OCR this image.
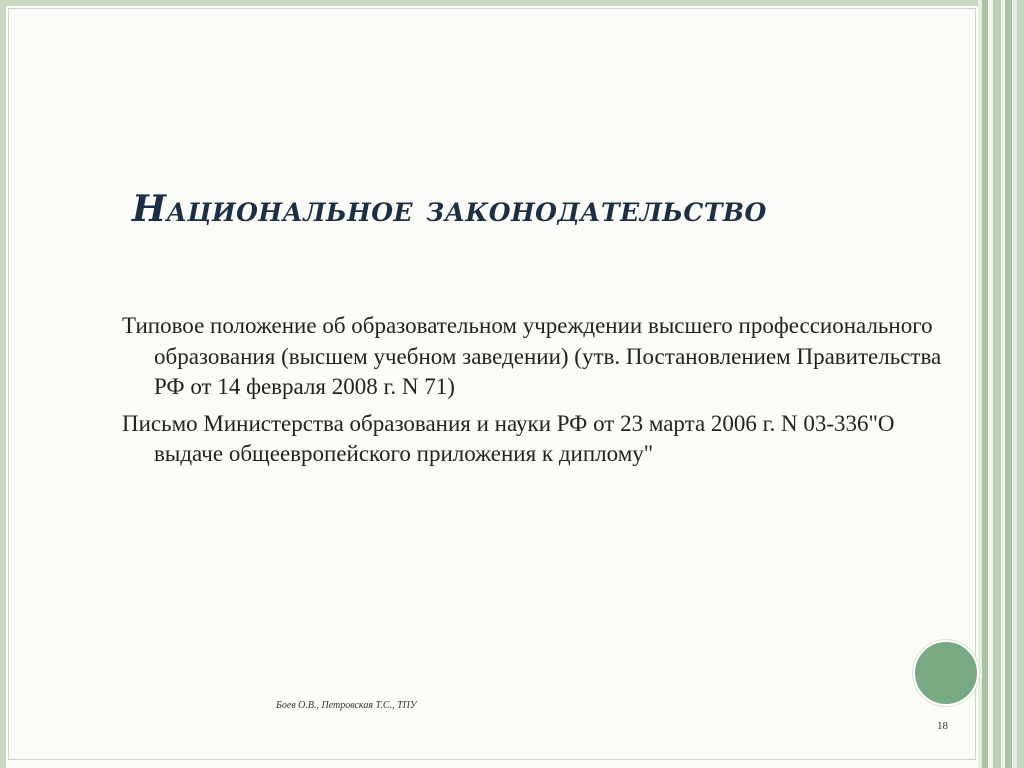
Национальное законодательство

Типовое положение об образовательном учреждении высшего профессионального образования (высшем учебном заведении) (утв. Постановлением Правительства РФ от 14 февраля 2008 г. N 71)

Письмо Министерства образования и науки РФ от 23 марта 2006 г. N 03-336"О выдаче общеевропейского приложения к диплому"

Боев О.В., Петровская Т.С., ТПУ
18
